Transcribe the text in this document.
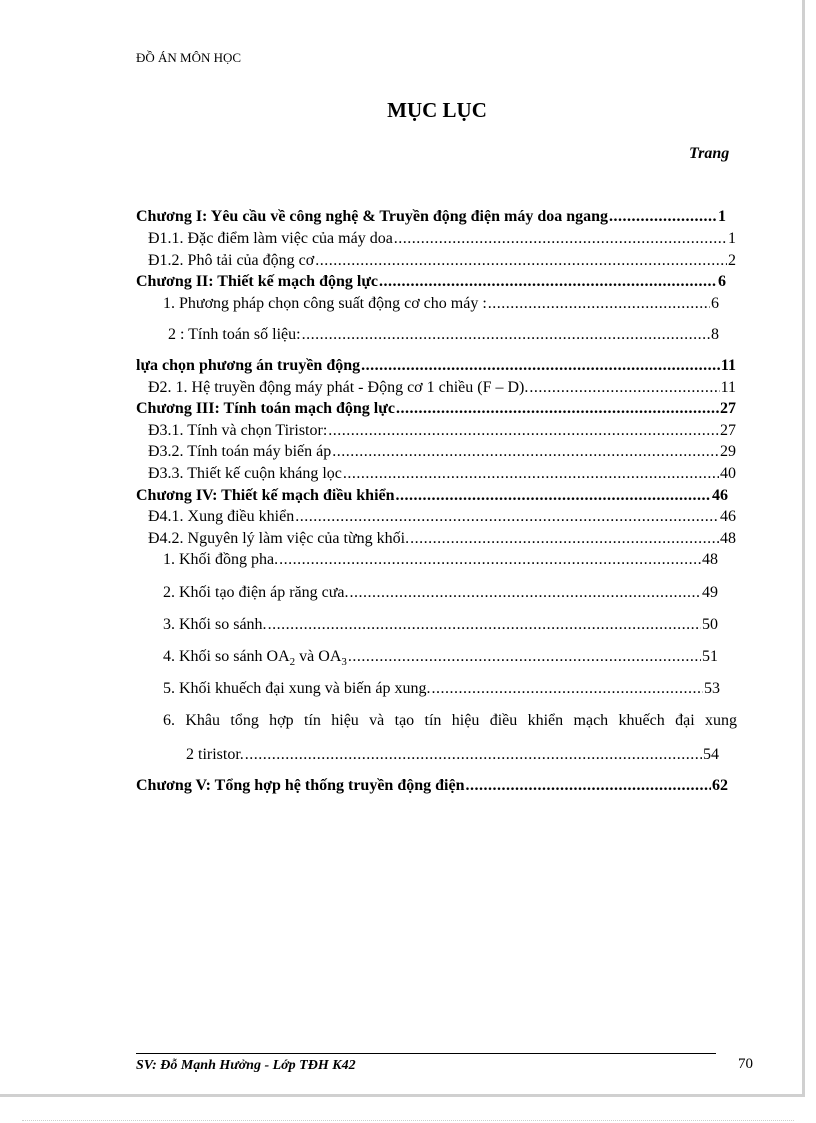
ĐỒ ÁN MÔN HỌC
MỤC LỤC
Trang
Chương I: Yêu cầu về công nghệ & Truyền động điện máy doa ngang .....	1
Đ1.1. Đặc điểm làm việc của máy doa .....	1
Đ1.2. Phô tải của động cơ .....	2
Chương II: Thiết kế mạch động lực .....	6
1. Phương pháp chọn công suất động cơ cho máy : .....	6
2 : Tính toán số liệu: .....	8
lựa chọn phương án truyền động .....	11
Đ2. 1. Hệ truyền động máy phát - Động cơ 1 chiều (F – D). .....	11
Chương III: Tính toán mạch động lực .....	27
Đ3.1. Tính và chọn Tiristor: .....	27
Đ3.2. Tính toán máy biến áp .....	29
Đ3.3. Thiết kế cuộn kháng lọc .....	40
Chương IV: Thiết kế mạch điều khiển .....	46
Đ4.1. Xung điều khiển .....	46
Đ4.2. Nguyên lý làm việc của từng khối. .....	48
1. Khối đồng pha. .....	48
2. Khối tạo điện áp răng cưa. .....	49
3. Khối so sánh. .....	50
4. Khối so sánh $OA_2$ và $OA_3$ .....	51
5. Khối khuếch đại xung và biến áp xung. .....	53
6. Khâu tổng hợp tín hiệu và tạo tín hiệu điều khiển mạch khuếch đại xung
2 tiristor. .....	54
Chương V: Tổng hợp hệ thống truyền động điện .....	62
SV: Đỗ Mạnh Hưởng - Lớp TĐH K42	70
